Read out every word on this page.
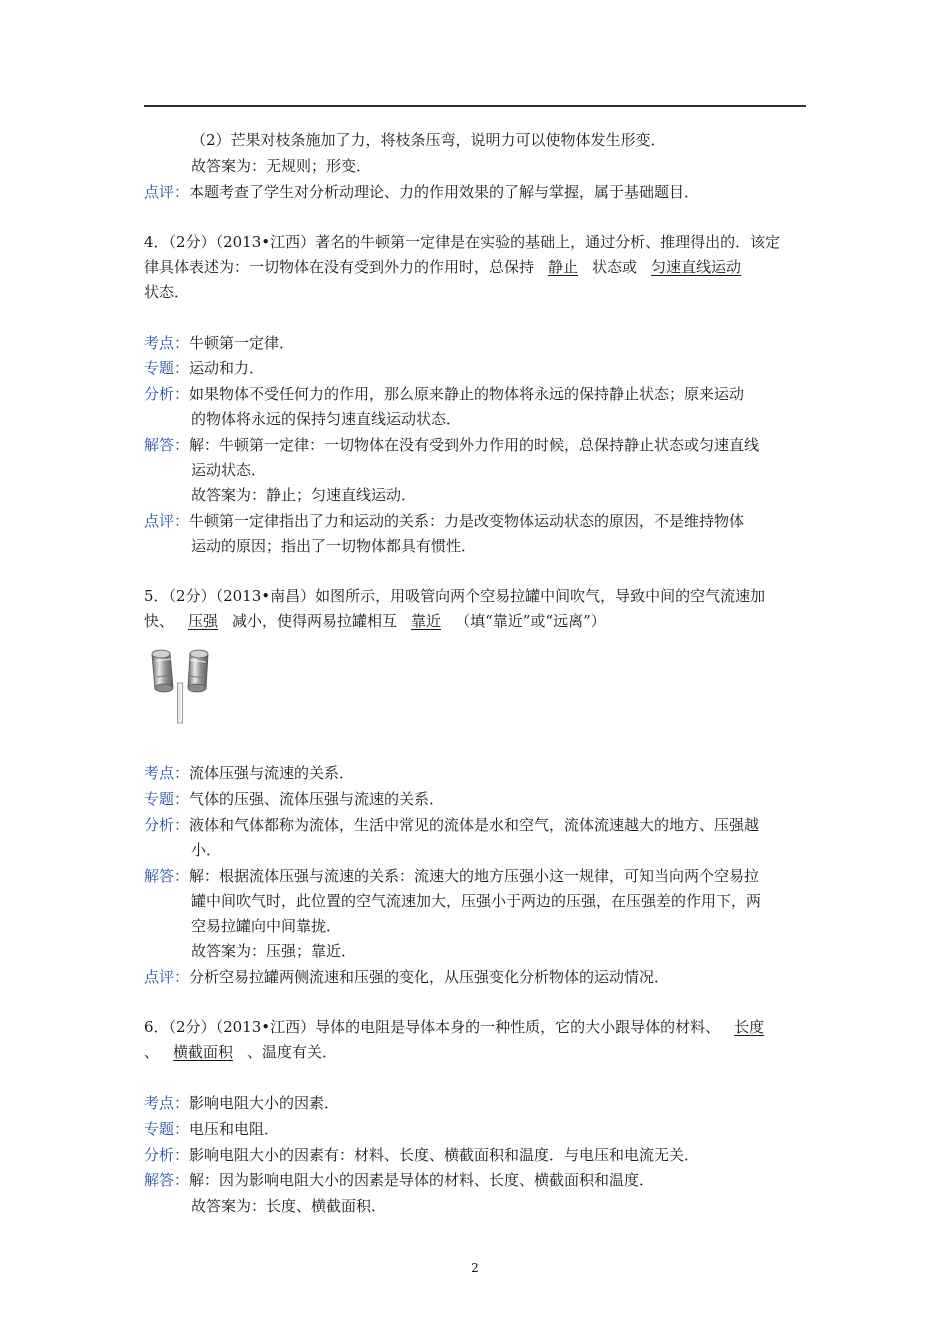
（2）芒果对枝条施加了力，将枝条压弯，说明力可以使物体发生形变．
故答案为：无规则；形变．
点评：本题考查了学生对分析动理论、力的作用效果的了解与掌握，属于基础题目．
4．（2分）（2013•江西）著名的牛顿第一定律是在实验的基础上，通过分析、推理得出的．该定
律具体表述为：一切物体在没有受到外力的作用时，总保持 静止 状态或 匀速直线运动
状态．
考点：牛顿第一定律．
专题：运动和力．
分析：如果物体不受任何力的作用，那么原来静止的物体将永远的保持静止状态；原来运动
的物体将永远的保持匀速直线运动状态．
解答：解：牛顿第一定律：一切物体在没有受到外力作用的时候，总保持静止状态或匀速直线
运动状态．
故答案为：静止；匀速直线运动．
点评：牛顿第一定律指出了力和运动的关系：力是改变物体运动状态的原因，不是维持物体
运动的原因；指出了一切物体都具有惯性．
5．（2分）（2013•南昌）如图所示，用吸管向两个空易拉罐中间吹气，导致中间的空气流速加
快、 压强 减小，使得两易拉罐相互 靠近 （填“靠近”或“远离”）
考点：流体压强与流速的关系．
专题：气体的压强、流体压强与流速的关系．
分析：液体和气体都称为流体，生活中常见的流体是水和空气，流体流速越大的地方、压强越
小．
解答：解：根据流体压强与流速的关系：流速大的地方压强小这一规律，可知当向两个空易拉
罐中间吹气时，此位置的空气流速加大，压强小于两边的压强，在压强差的作用下，两
空易拉罐向中间靠拢．
故答案为：压强；靠近．
点评：分析空易拉罐两侧流速和压强的变化，从压强变化分析物体的运动情况．
6．（2分）（2013•江西）导体的电阻是导体本身的一种性质，它的大小跟导体的材料、 长度
、 横截面积 、温度有关．
考点：影响电阻大小的因素．
专题：电压和电阻．
分析：影响电阻大小的因素有：材料、长度、横截面积和温度．与电压和电流无关．
解答：解：因为影响电阻大小的因素是导体的材料、长度、横截面积和温度．
故答案为：长度、横截面积．
2
